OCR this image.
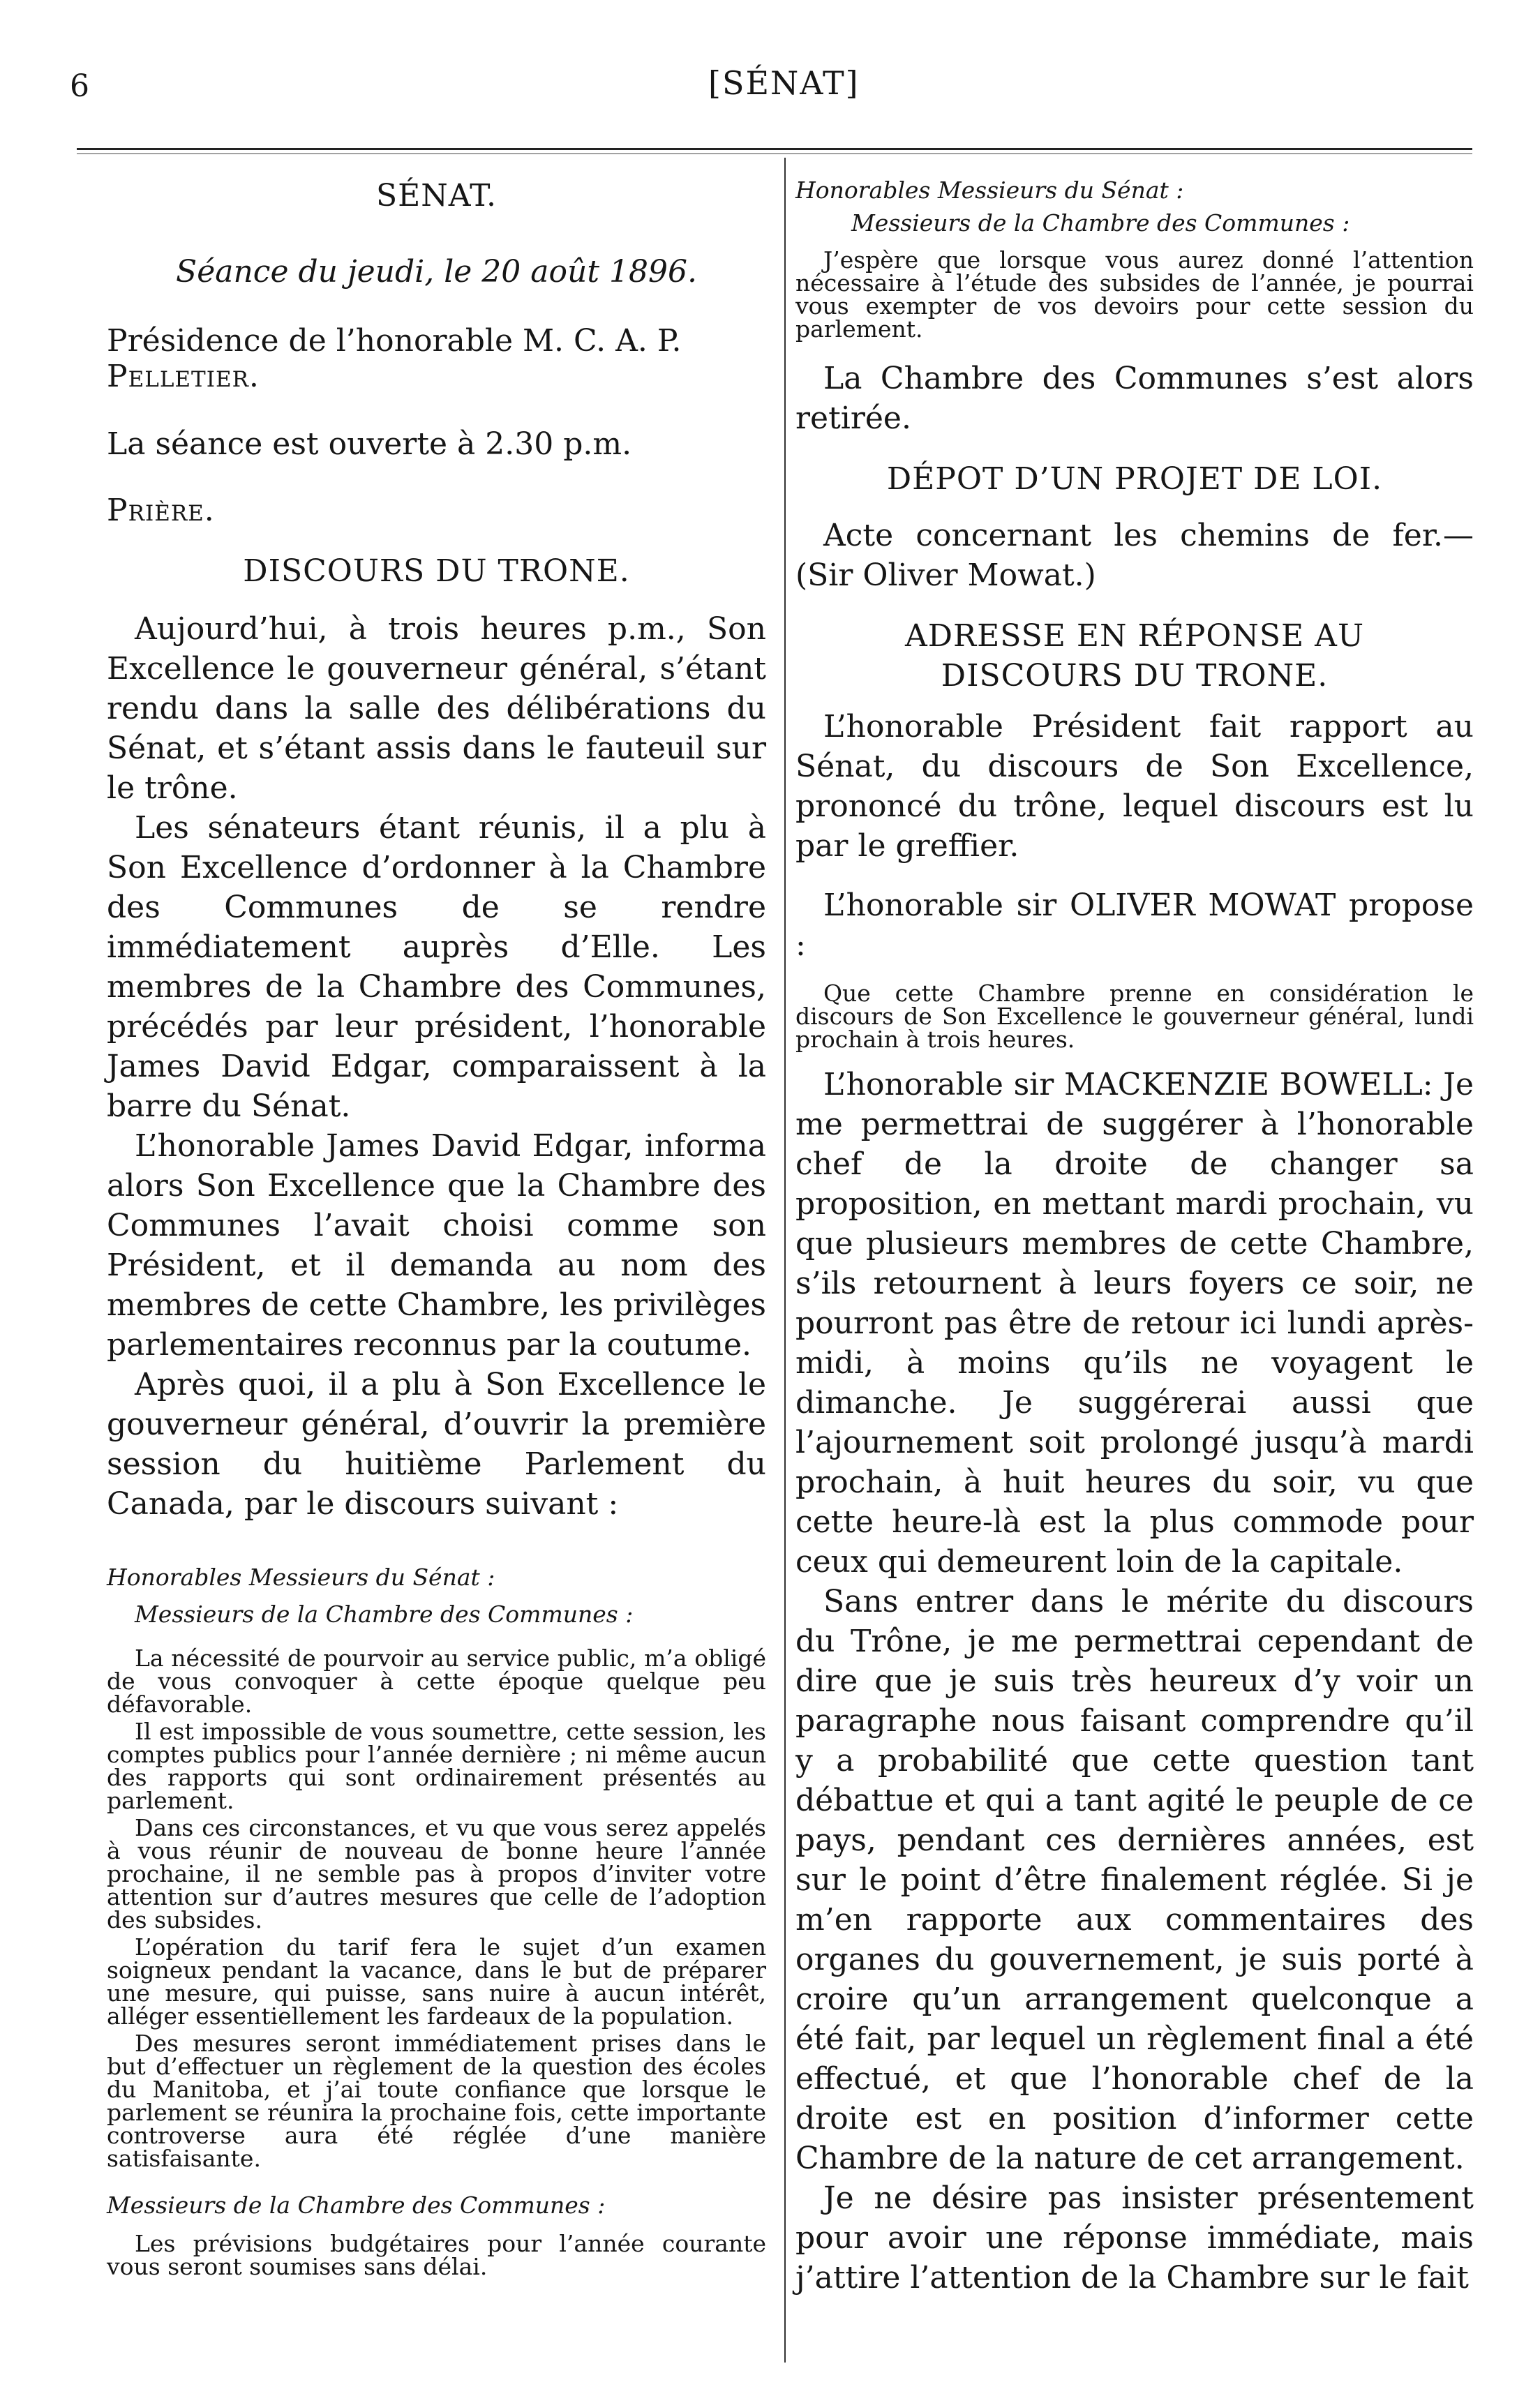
6	[SÉNAT]

SÉNAT.

Séance du jeudi, le 20 août 1896.

Présidence de l’honorable M. C. A. P.

Pelletier.

La séance est ouverte à 2.30 p.m.

Prière.

DISCOURS DU TRONE.

Aujourd’hui, à trois heures p.m., Son Excellence le gouverneur général, s’étant rendu dans la salle des délibérations du Sénat, et s’étant assis dans le fauteuil sur le trône.

Les sénateurs étant réunis, il a plu à Son Excellence d’ordonner à la Chambre des Communes de se rendre immédiatement auprès d’Elle. Les membres de la Chambre des Communes, précédés par leur président, l’honorable James David Edgar, comparaissent à la barre du Sénat.

L’honorable James David Edgar, informa alors Son Excellence que la Chambre des Communes l’avait choisi comme son Président, et il demanda au nom des membres de cette Chambre, les privilèges parlementaires reconnus par la coutume.

Après quoi, il a plu à Son Excellence le gouverneur général, d’ouvrir la première session du huitième Parlement du Canada, par le discours suivant :

Honorables Messieurs du Sénat :

Messieurs de la Chambre des Communes :

La nécessité de pourvoir au service public, m’a obligé de vous convoquer à cette époque quelque peu défavorable.

Il est impossible de vous soumettre, cette session, les comptes publics pour l’année dernière ; ni même aucun des rapports qui sont ordinairement présentés au parlement.

Dans ces circonstances, et vu que vous serez appelés à vous réunir de nouveau de bonne heure l’année prochaine, il ne semble pas à propos d’inviter votre attention sur d’autres mesures que celle de l’adoption des subsides.

L’opération du tarif fera le sujet d’un examen soigneux pendant la vacance, dans le but de préparer une mesure, qui puisse, sans nuire à aucun intérêt, alléger essentiellement les fardeaux de la population.

Des mesures seront immédiatement prises dans le but d’effectuer un règlement de la question des écoles du Manitoba, et j’ai toute confiance que lorsque le parlement se réunira la prochaine fois, cette importante controverse aura été réglée d’une manière satisfaisante.

Messieurs de la Chambre des Communes :

Les prévisions budgétaires pour l’année courante vous seront soumises sans délai.

Honorables Messieurs du Sénat :

Messieurs de la Chambre des Communes :

J’espère que lorsque vous aurez donné l’attention nécessaire à l’étude des subsides de l’année, je pourrai vous exempter de vos devoirs pour cette session du parlement.

La Chambre des Communes s’est alors retirée.

DÉPOT D’UN PROJET DE LOI.

Acte concernant les chemins de fer.— (Sir Oliver Mowat.)

ADRESSE EN RÉPONSE AU

DISCOURS DU TRONE.

L’honorable Président fait rapport au Sénat, du discours de Son Excellence, prononcé du trône, lequel discours est lu par le greffier.

L’honorable sir OLIVER MOWAT propose :

Que cette Chambre prenne en considération le discours de Son Excellence le gouverneur général, lundi prochain à trois heures.

L’honorable sir MACKENZIE BOWELL: Je me permettrai de suggérer à l’honorable chef de la droite de changer sa proposition, en mettant mardi prochain, vu que plusieurs membres de cette Chambre, s’ils retournent à leurs foyers ce soir, ne pourront pas être de retour ici lundi après-midi, à moins qu’ils ne voyagent le dimanche. Je suggérerai aussi que l’ajournement soit prolongé jusqu’à mardi prochain, à huit heures du soir, vu que cette heure-là est la plus commode pour ceux qui demeurent loin de la capitale.

Sans entrer dans le mérite du discours du Trône, je me permettrai cependant de dire que je suis très heureux d’y voir un paragraphe nous faisant comprendre qu’il y a probabilité que cette question tant débattue et qui a tant agité le peuple de ce pays, pendant ces dernières années, est sur le point d’être finalement réglée. Si je m’en rapporte aux commentaires des organes du gouvernement, je suis porté à croire qu’un arrangement quelconque a été fait, par lequel un règlement final a été effectué, et que l’honorable chef de la droite est en position d’informer cette Chambre de la nature de cet arrangement.

Je ne désire pas insister présentement pour avoir une réponse immédiate, mais j’attire l’attention de la Chambre sur le fait
